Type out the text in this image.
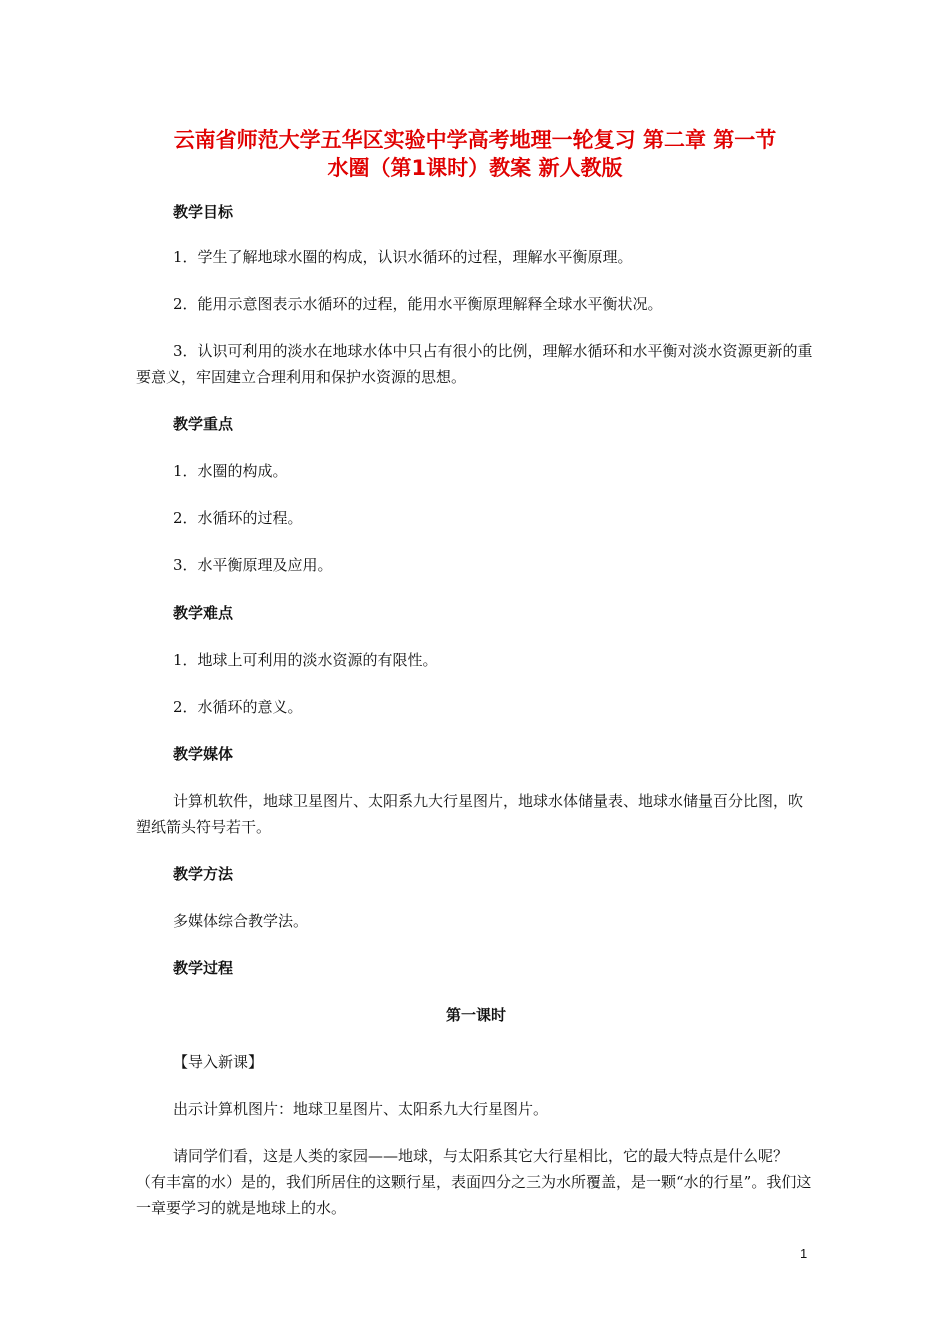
云南省师范大学五华区实验中学高考地理一轮复习 第二章 第一节
水圈（第1课时）教案 新人教版
教学目标
1．学生了解地球水圈的构成，认识水循环的过程，理解水平衡原理。
2．能用示意图表示水循环的过程，能用水平衡原理解释全球水平衡状况。
3．认识可利用的淡水在地球水体中只占有很小的比例，理解水循环和水平衡对淡水资源更新的重要意义，牢固建立合理利用和保护水资源的思想。
教学重点
1．水圈的构成。
2．水循环的过程。
3．水平衡原理及应用。
教学难点
1．地球上可利用的淡水资源的有限性。
2．水循环的意义。
教学媒体
计算机软件，地球卫星图片、太阳系九大行星图片，地球水体储量表、地球水储量百分比图，吹塑纸箭头符号若干。
教学方法
多媒体综合教学法。
教学过程
第一课时
【导入新课】
出示计算机图片：地球卫星图片、太阳系九大行星图片。
请同学们看，这是人类的家园——地球，与太阳系其它大行星相比，它的最大特点是什么呢？（有丰富的水）是的，我们所居住的这颗行星，表面四分之三为水所覆盖，是一颗“水的行星”。我们这一章要学习的就是地球上的水。
1
